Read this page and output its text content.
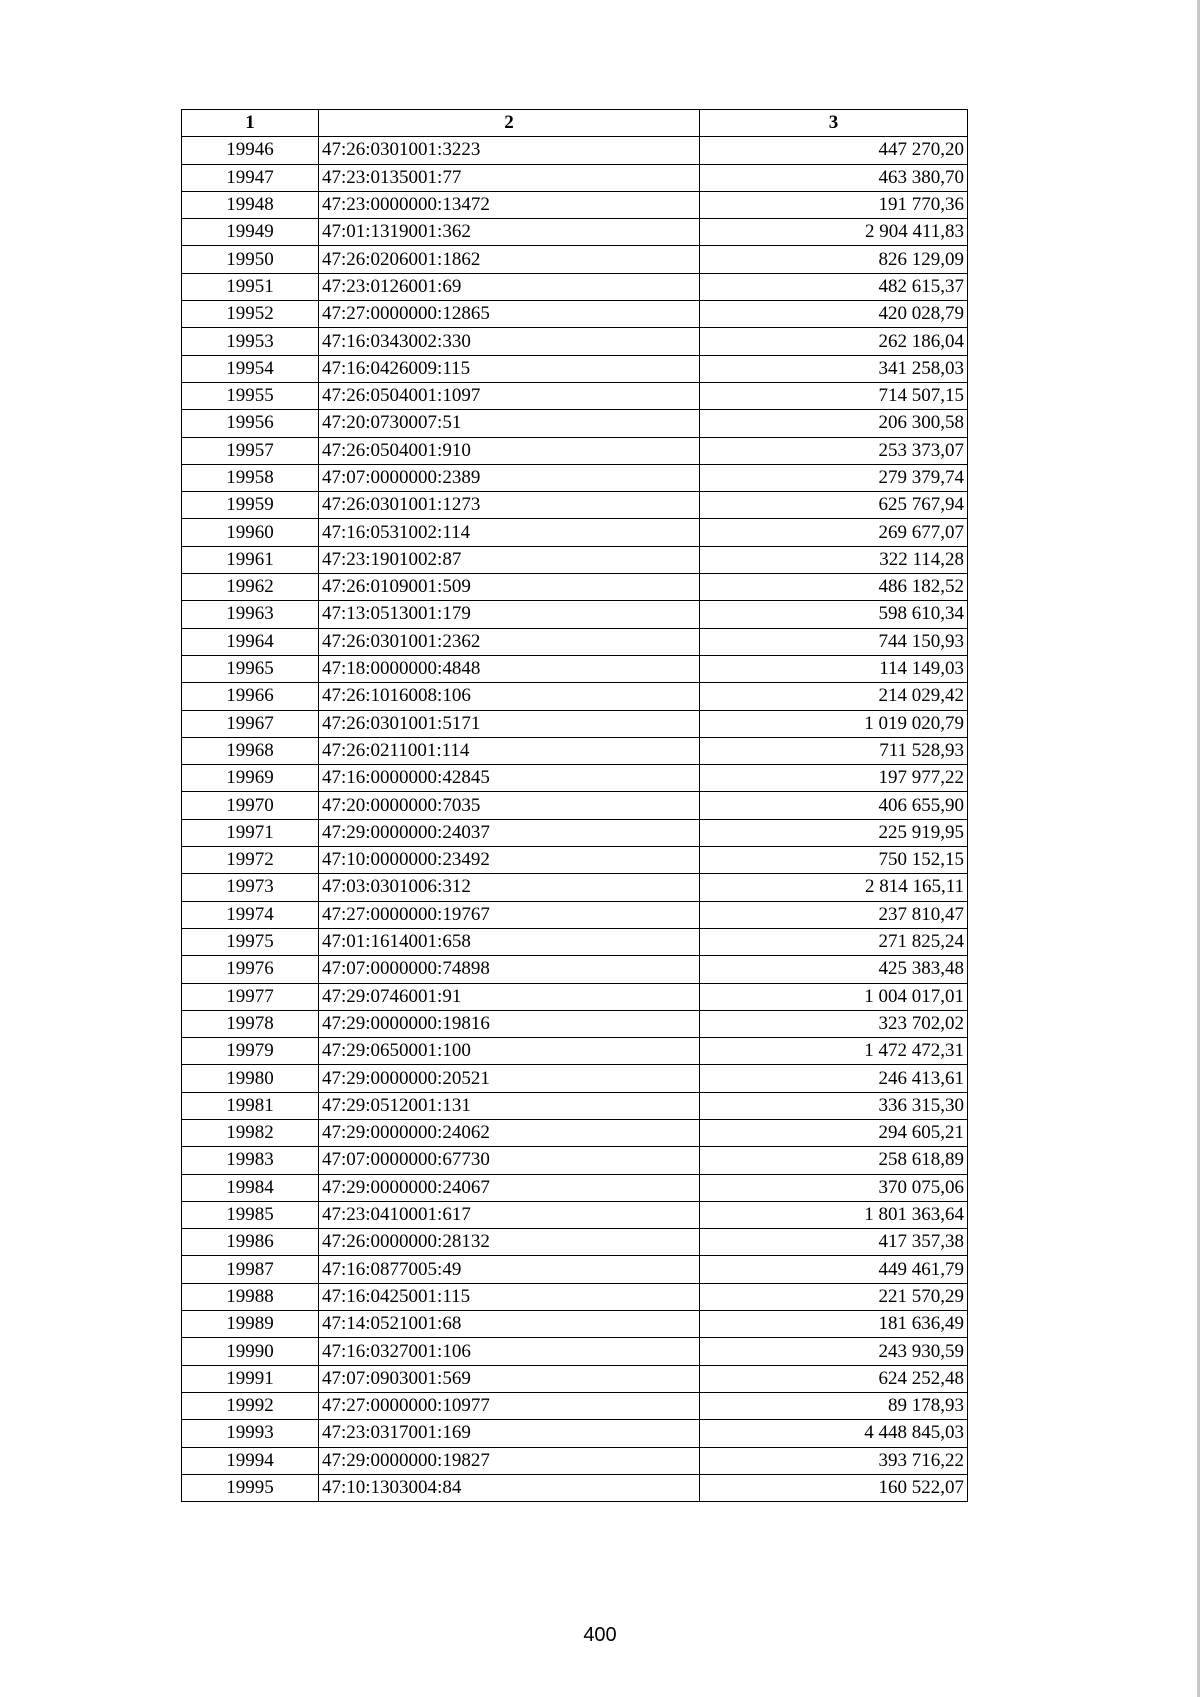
1	2	3
19946	47:26:0301001:3223	447 270,20
19947	47:23:0135001:77	463 380,70
19948	47:23:0000000:13472	191 770,36
19949	47:01:1319001:362	2 904 411,83
19950	47:26:0206001:1862	826 129,09
19951	47:23:0126001:69	482 615,37
19952	47:27:0000000:12865	420 028,79
19953	47:16:0343002:330	262 186,04
19954	47:16:0426009:115	341 258,03
19955	47:26:0504001:1097	714 507,15
19956	47:20:0730007:51	206 300,58
19957	47:26:0504001:910	253 373,07
19958	47:07:0000000:2389	279 379,74
19959	47:26:0301001:1273	625 767,94
19960	47:16:0531002:114	269 677,07
19961	47:23:1901002:87	322 114,28
19962	47:26:0109001:509	486 182,52
19963	47:13:0513001:179	598 610,34
19964	47:26:0301001:2362	744 150,93
19965	47:18:0000000:4848	114 149,03
19966	47:26:1016008:106	214 029,42
19967	47:26:0301001:5171	1 019 020,79
19968	47:26:0211001:114	711 528,93
19969	47:16:0000000:42845	197 977,22
19970	47:20:0000000:7035	406 655,90
19971	47:29:0000000:24037	225 919,95
19972	47:10:0000000:23492	750 152,15
19973	47:03:0301006:312	2 814 165,11
19974	47:27:0000000:19767	237 810,47
19975	47:01:1614001:658	271 825,24
19976	47:07:0000000:74898	425 383,48
19977	47:29:0746001:91	1 004 017,01
19978	47:29:0000000:19816	323 702,02
19979	47:29:0650001:100	1 472 472,31
19980	47:29:0000000:20521	246 413,61
19981	47:29:0512001:131	336 315,30
19982	47:29:0000000:24062	294 605,21
19983	47:07:0000000:67730	258 618,89
19984	47:29:0000000:24067	370 075,06
19985	47:23:0410001:617	1 801 363,64
19986	47:26:0000000:28132	417 357,38
19987	47:16:0877005:49	449 461,79
19988	47:16:0425001:115	221 570,29
19989	47:14:0521001:68	181 636,49
19990	47:16:0327001:106	243 930,59
19991	47:07:0903001:569	624 252,48
19992	47:27:0000000:10977	89 178,93
19993	47:23:0317001:169	4 448 845,03
19994	47:29:0000000:19827	393 716,22
19995	47:10:1303004:84	160 522,07
400
